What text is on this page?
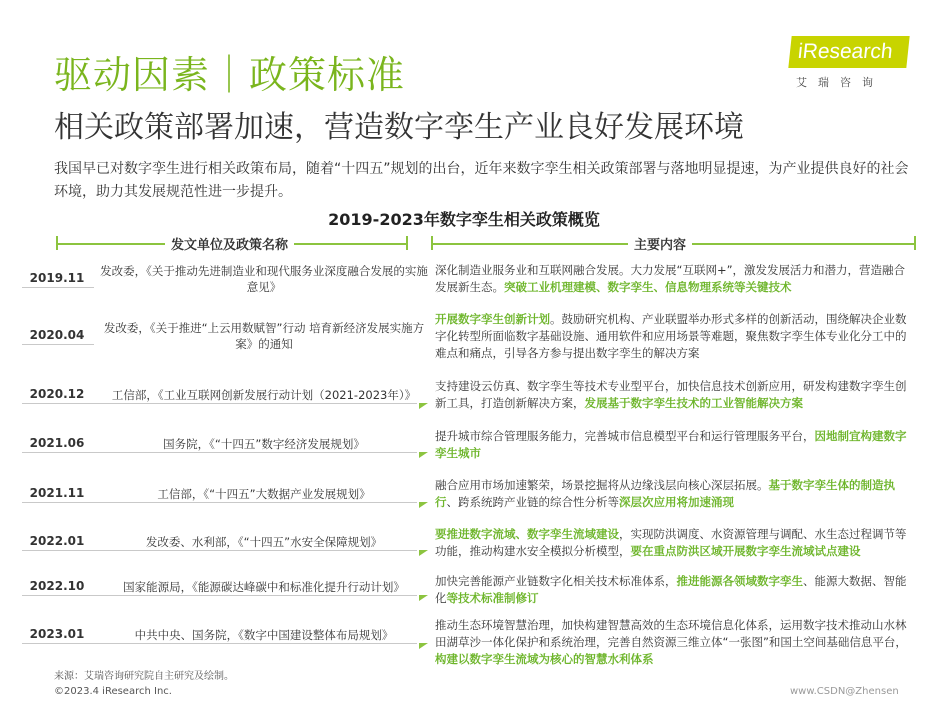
驱动因素｜政策标准
相关政策部署加速，营造数字孪生产业良好发展环境
iResearch
艾瑞咨询
我国早已对数字孪生进行相关政策布局，随着“十四五”规划的出台，近年来数字孪生相关政策部署与落地明显提速，为产业提供良好的社会环境，助力其发展规范性进一步提升。
2019-2023年数字孪生相关政策概览
发文单位及政策名称	主要内容
2019.11	发改委，《关于推动先进制造业和现代服务业深度融合发展的实施意见》
深化制造业服务业和互联网融合发展。大力发展“互联网+”，激发发展活力和潜力，营造融合发展新生态。突破工业机理建模、数字孪生、信息物理系统等关键技术
2020.04	发改委，《关于推进“上云用数赋智”行动 培育新经济发展实施方案》的通知
开展数字孪生创新计划。鼓励研究机构、产业联盟举办形式多样的创新活动，围绕解决企业数字化转型所面临数字基础设施、通用软件和应用场景等难题，聚焦数字孪生体专业化分工中的难点和痛点，引导各方参与提出数字孪生的解决方案
2020.12	工信部，《工业互联网创新发展行动计划（2021-2023年）》
支持建设云仿真、数字孪生等技术专业型平台，加快信息技术创新应用，研发构建数字孪生创新工具，打造创新解决方案，发展基于数字孪生技术的工业智能解决方案
2021.06	国务院，《“十四五”数字经济发展规划》
提升城市综合管理服务能力，完善城市信息模型平台和运行管理服务平台，因地制宜构建数字孪生城市
2021.11	工信部，《“十四五”大数据产业发展规划》
融合应用市场加速繁荣，场景挖掘将从边缘浅层向核心深层拓展。基于数字孪生体的制造执行、跨系统跨产业链的综合性分析等深层次应用将加速涌现
2022.01	发改委、水利部，《“十四五”水安全保障规划》
要推进数字流域、数字孪生流域建设，实现防洪调度、水资源管理与调配、水生态过程调节等功能，推动构建水安全模拟分析模型，要在重点防洪区域开展数字孪生流域试点建设
2022.10	国家能源局，《能源碳达峰碳中和标准化提升行动计划》	加快完善能源产业链数字化相关技术标准体系，推进能源各领域数字孪生、能源大数据、智能化等技术标准制修订
2023.01	中共中央、国务院，《数字中国建设整体布局规划》
推动生态环境智慧治理，加快构建智慧高效的生态环境信息化体系，运用数字技术推动山水林田湖草沙一体化保护和系统治理，完善自然资源三维立体“一张图”和国土空间基础信息平台，构建以数字孪生流域为核心的智慧水利体系
来源：艾瑞咨询研究院自主研究及绘制。
©2023.4 iResearch Inc.	www.CSDN@Zhensen
